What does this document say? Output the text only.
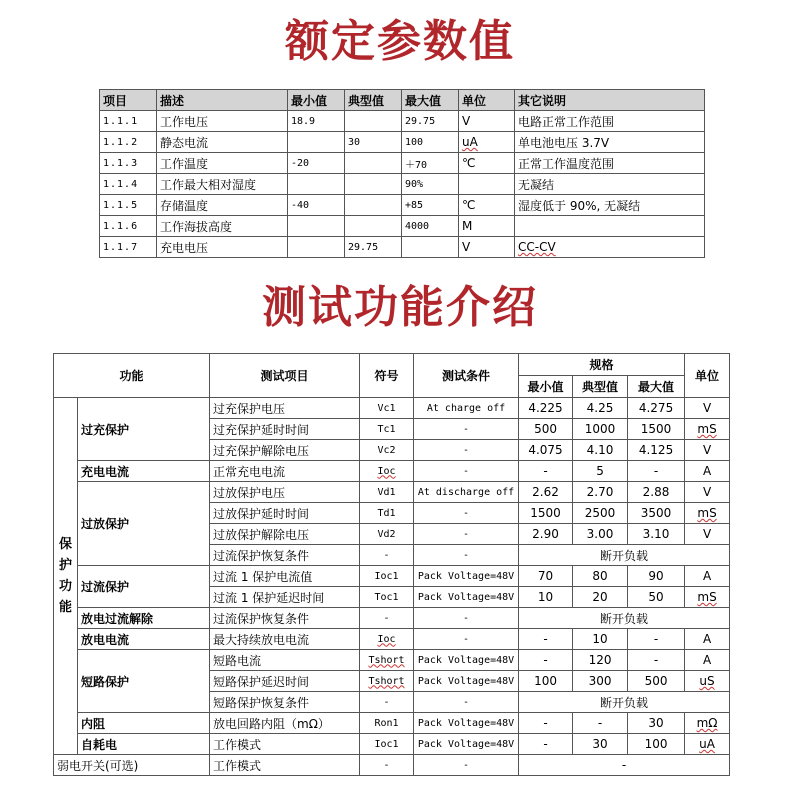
额定参数值
项目	描述	最小值	典型值	最大值	单位	其它说明
1.1.1	工作电压	18.9		29.75	V	电路正常工作范围
1.1.2	静态电流		30	100	uA	单电池电压 3.7V
1.1.3	工作温度	-20		＋70	℃	正常工作温度范围
1.1.4	工作最大相对湿度			90%		无凝结
1.1.5	存储温度	-40		+85	℃	湿度低于 90%, 无凝结
1.1.6	工作海拔高度			4000	M	
1.1.7	充电电压		29.75		V	CC-CV
测试功能介绍
功能		测试项目	符号	测试条件	规格			单位
					最小值	典型值	最大值	
保
护
功
能	过充保护	过充保护电压	Vc1	At charge off	4.225	4.25	4.275	V
		过充保护延时时间	Tc1	-	500	1000	1500	mS
		过充保护解除电压	Vc2	-	4.075	4.10	4.125	V
	充电电流	正常充电电流	Ioc	-	-	5	-	A
	过放保护	过放保护电压	Vd1	At discharge off	2.62	2.70	2.88	V
		过放保护延时时间	Td1	-	1500	2500	3500	mS
		过放保护解除电压	Vd2	-	2.90	3.00	3.10	V
		过流保护恢复条件	-	-	断开负载			
	过流保护	过流 1 保护电流值	Ioc1	Pack Voltage=48V	70	80	90	A
		过流 1 保护延迟时间	Toc1	Pack Voltage=48V	10	20	50	mS
	放电过流解除	过流保护恢复条件	-	-	断开负载			
	放电电流	最大持续放电电流	Ioc	-	-	10	-	A
	短路保护	短路电流	Tshort	Pack Voltage=48V	-	120	-	A
		短路保护延迟时间	Tshort	Pack Voltage=48V	100	300	500	uS
		短路保护恢复条件	-	-	断开负载			
	内阻	放电回路内阻（mΩ）	Ron1	Pack Voltage=48V	-	-	30	mΩ
	自耗电	工作模式	Ioc1	Pack Voltage=48V	-	30	100	uA
弱电开关(可选)		工作模式	-	-	-			
